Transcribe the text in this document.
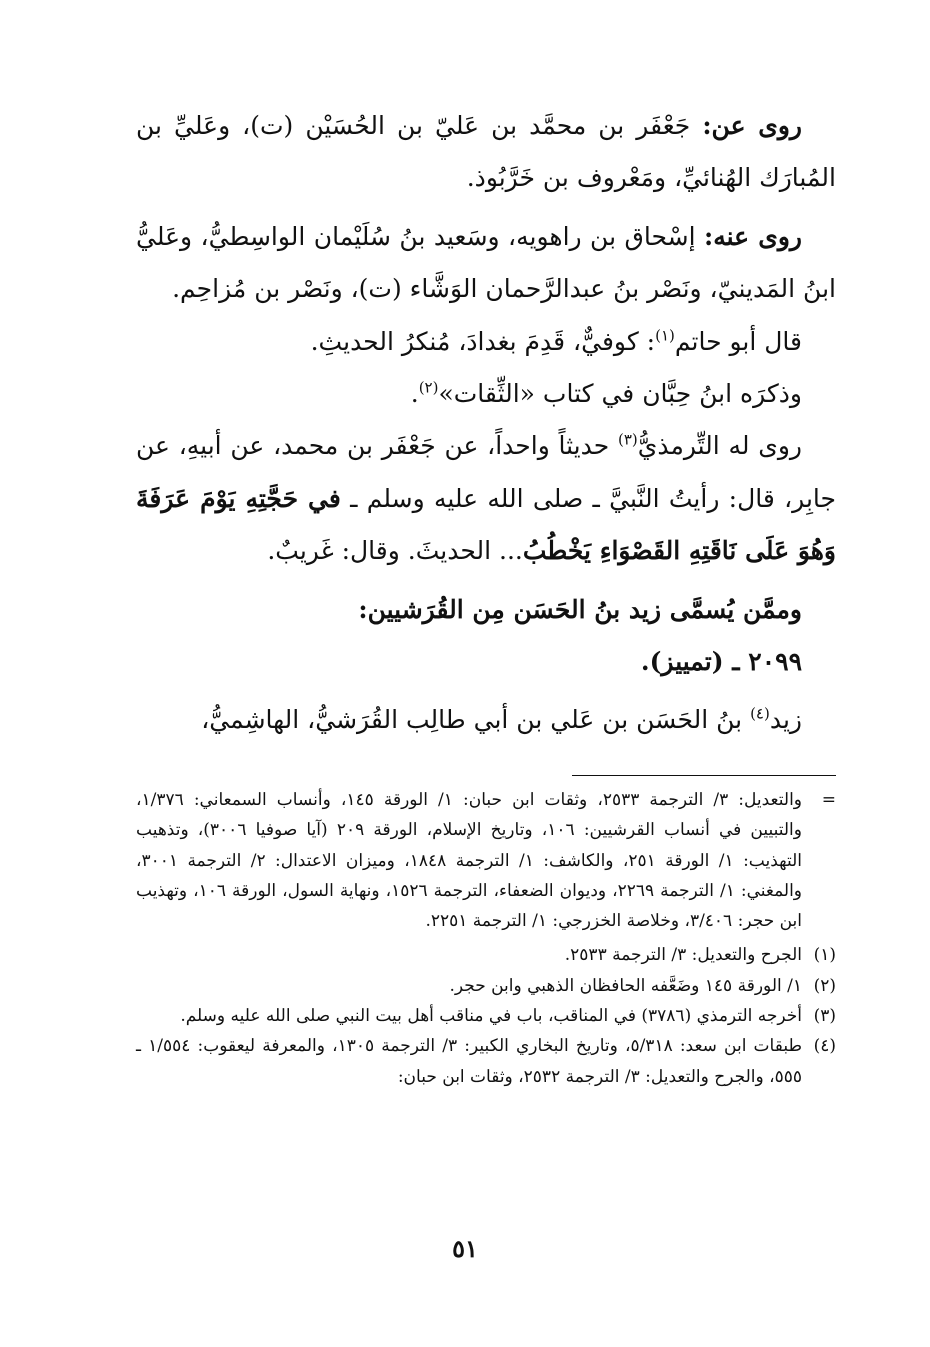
روى عن: جَعْفَر بن محمَّد بن عَليّ بن الحُسَيْن (ت)، وعَليِّ بن المُبارَك الهُنائيِّ، ومَعْروف بن خَرَّبُوذ.

روى عنه: إسْحاق بن راهويه، وسَعيد بنُ سُلَيْمان الواسِطيُّ، وعَليُّ ابنُ المَدينيّ، ونَصْر بنُ عبدالرَّحمان الوَشَّاء (ت)، ونَصْر بن مُزاحِم.

قال أبو حاتم$^{(١)}$: كوفيٌّ، قَدِمَ بغدادَ، مُنكرُ الحديثِ.

وذكرَه ابنُ حِبَّان في كتاب «الثِّقات»$^{(٢)}$.

روى له التِّرمذيُّ$^{(٣)}$ حديثاً واحداً، عن جَعْفَر بن محمد، عن أبيهِ، عن جابِر، قال: رأيتُ النَّبيَّ ـ صلى الله عليه وسلم ـ في حَجَّتِهِ يَوْمَ عَرَفَةَ وَهُوَ عَلَى نَاقَتِهِ القَصْوَاءِ يَخْطُبُ... الحديثَ. وقال: غَريبٌ.

وممَّن يُسمَّى زيد بنُ الحَسَن مِن القُرَشيين:

٢٠٩٩ ـ (تمييز).

زيد$^{(٤)}$ بنُ الحَسَن بن عَلي بن أبي طالِب القُرَشيُّ، الهاشِميُّ،

=
والتعديل: ٣/ الترجمة ٢٥٣٣، وثقات ابن حبان: ١/ الورقة ١٤٥، وأنساب السمعاني: ١/٣٧٦، والتبيين في أنساب القرشيين: ١٠٦، وتاريخ الإسلام، الورقة ٢٠٩ (آيا صوفيا ٣٠٠٦)، وتذهيب التهذيب: ١/ الورقة ٢٥١، والكاشف: ١/ الترجمة ١٨٤٨، وميزان الاعتدال: ٢/ الترجمة ٣٠٠١، والمغني: ١/ الترجمة ٢٢٦٩، وديوان الضعفاء، الترجمة ١٥٢٦، ونهاية السول، الورقة ١٠٦، وتهذيب ابن حجر: ٣/٤٠٦، وخلاصة الخزرجي: ١/ الترجمة ٢٢٥١.
(١)
الجرح والتعديل: ٣/ الترجمة ٢٥٣٣.
(٢)
١/ الورقة ١٤٥ وضَعَّفه الحافظان الذهبي وابن حجر.
(٣)
أخرجه الترمذي (٣٧٨٦) في المناقب، باب في مناقب أهل بيت النبي صلى الله عليه وسلم.
(٤)
طبقات ابن سعد: ٥/٣١٨، وتاريخ البخاري الكبير: ٣/ الترجمة ١٣٠٥، والمعرفة ليعقوب: ١/٥٥٤ ـ ٥٥٥، والجرح والتعديل: ٣/ الترجمة ٢٥٣٢، وثقات ابن حبان:
٥١
